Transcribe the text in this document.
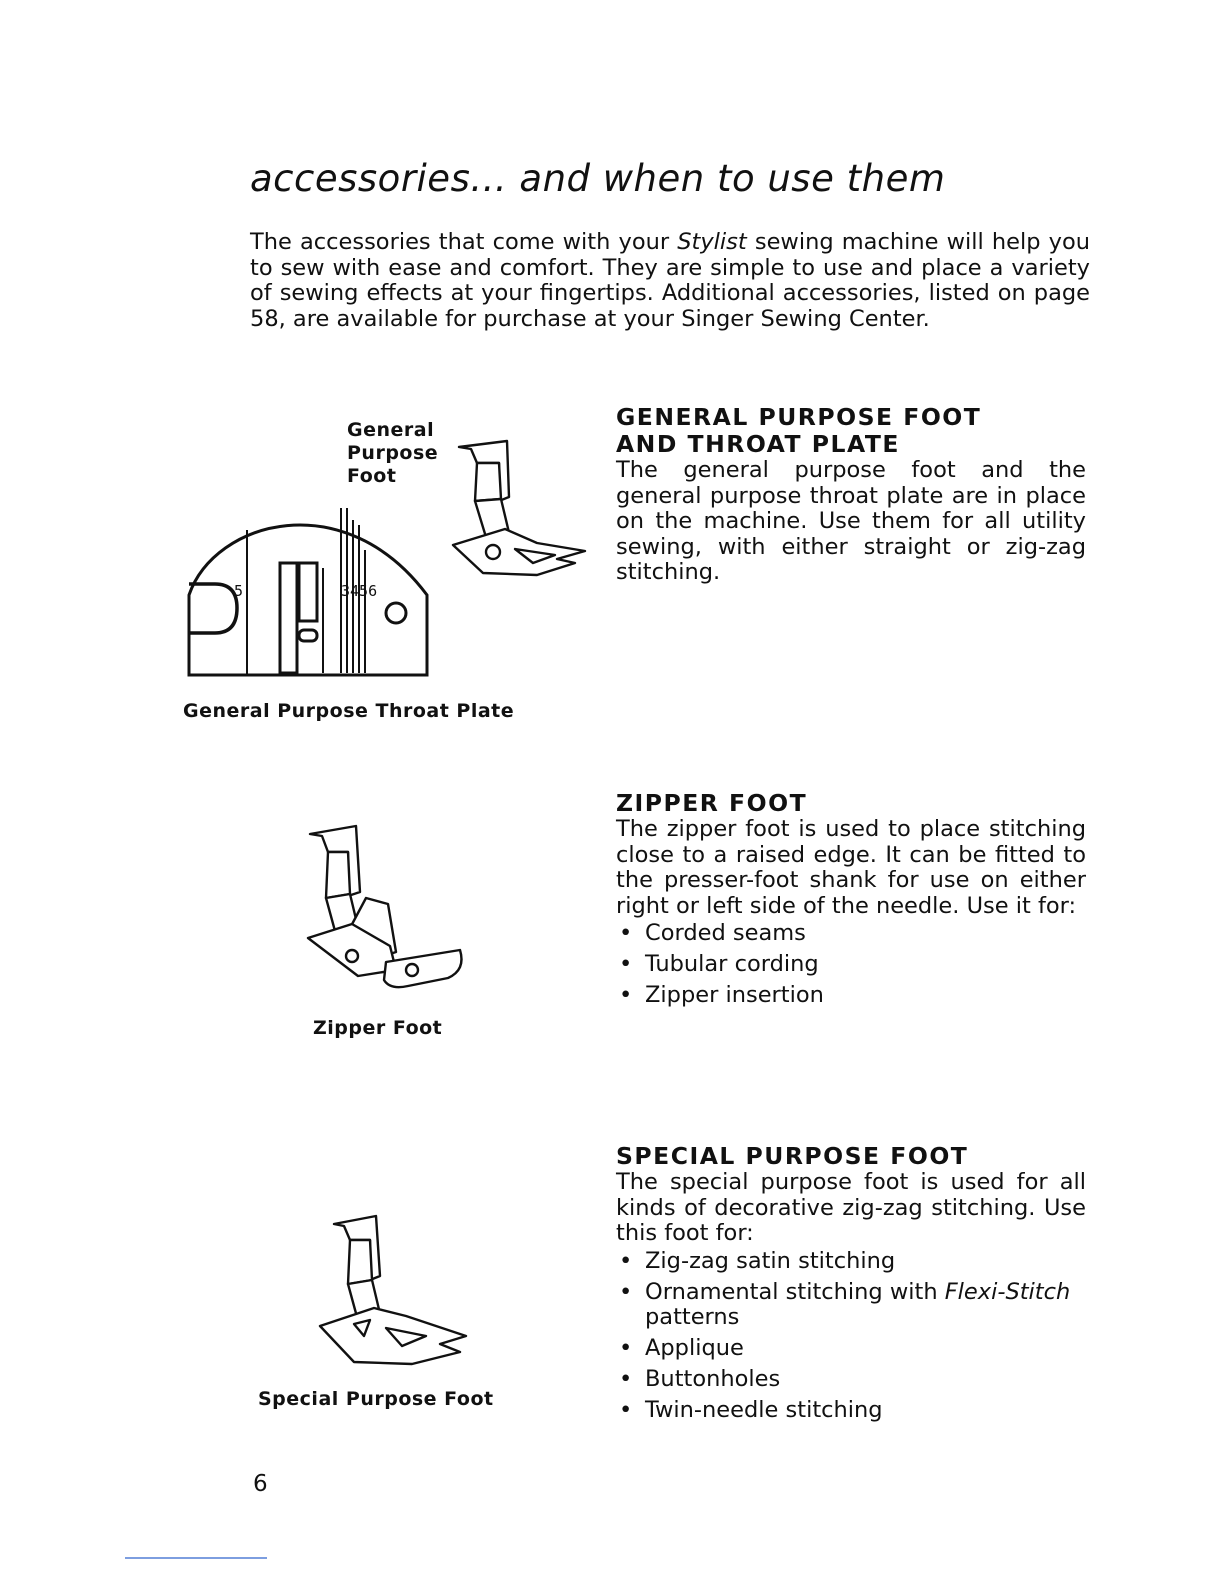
accessories... and when to use them

The accessories that come with your Stylist sewing machine will help you to sew with ease and comfort. They are simple to use and place a variety of sewing effects at your fingertips. Additional accessories, listed on page 58, are available for purchase at your Singer Sewing Center.

General
Purpose
Foot
5	3456
General Purpose Throat Plate
Zipper Foot
Special Purpose Foot
GENERAL PURPOSE FOOT
AND THROAT PLATE

The general purpose foot and the general purpose throat plate are in place on the machine. Use them for all utility sewing, with either straight or zig-zag stitching.

ZIPPER FOOT

The zipper foot is used to place stitching close to a raised edge. It can be fitted to the presser-foot shank for use on either right or left side of the needle. Use it for:

• Corded seams
• Tubular cording
• Zipper insertion
SPECIAL PURPOSE FOOT

The special purpose foot is used for all kinds of decorative zig-zag stitching. Use this foot for:

• Zig-zag satin stitching
• Ornamental stitching with Flexi-Stitch
patterns
• Applique
• Buttonholes
• Twin-needle stitching
6
